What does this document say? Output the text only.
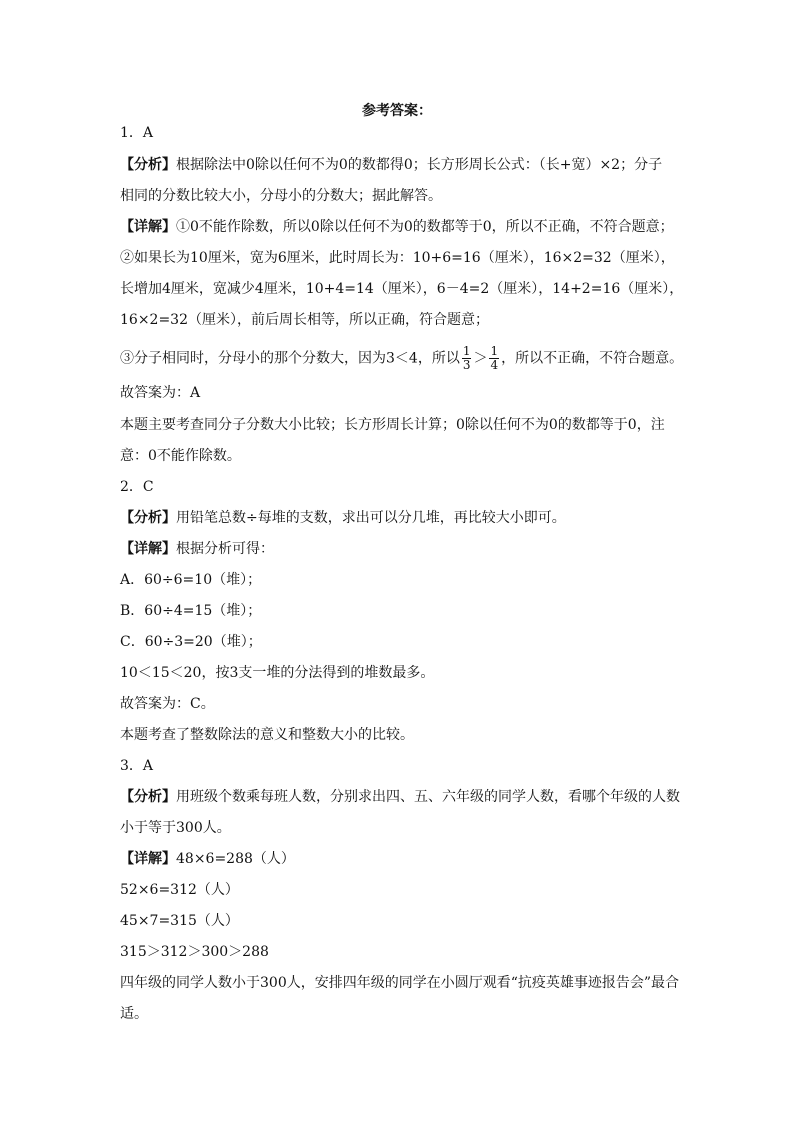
参考答案：
1．A
【分析】根据除法中0除以任何不为0的数都得0；长方形周长公式：（长+宽）×2；分子
相同的分数比较大小，分母小的分数大；据此解答。
【详解】①0不能作除数，所以0除以任何不为0的数都等于0，所以不正确，不符合题意；
②如果长为10厘米，宽为6厘米，此时周长为：10+6=16（厘米），16×2=32（厘米），
长增加4厘米，宽减少4厘米，10+4=14（厘米），6－4=2（厘米），14+2=16（厘米），
16×2=32（厘米），前后周长相等，所以正确，符合题意；
③分子相同时，分母小的那个分数大，因为3＜4，所以 $\frac{1}{3} > \frac{1}{4}$ ，所以不正确，不符合题意。
故答案为：A
本题主要考查同分子分数大小比较；长方形周长计算；0除以任何不为0的数都等于0，注
意：0不能作除数。
2．C
【分析】用铅笔总数÷每堆的支数，求出可以分几堆，再比较大小即可。
【详解】根据分析可得：
A．60÷6=10（堆）；
B．60÷4=15（堆）；
C．60÷3=20（堆）；
10＜15＜20，按3支一堆的分法得到的堆数最多。
故答案为：C。
本题考查了整数除法的意义和整数大小的比较。
3．A
【分析】用班级个数乘每班人数，分别求出四、五、六年级的同学人数，看哪个年级的人数
小于等于300人。
【详解】48×6=288（人）
52×6=312（人）
45×7=315（人）
315＞312＞300＞288
四年级的同学人数小于300人，安排四年级的同学在小圆厅观看“抗疫英雄事迹报告会”最合
适。
